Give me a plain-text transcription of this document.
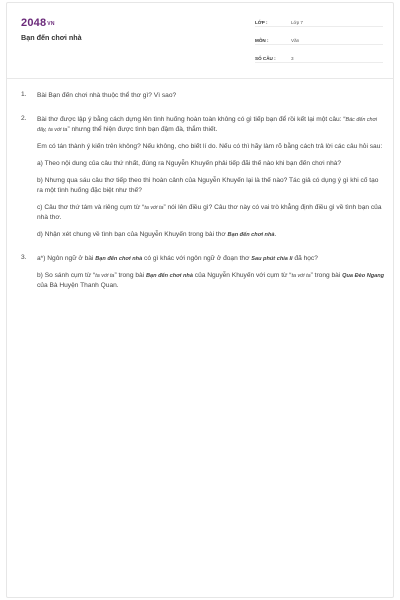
2048VN
Bạn đến chơi nhà
LỚP :	Lớp 7
MÔN :	Văn
SỐ CÂU :	3
1.	Bài Bạn đến chơi nhà thuộc thể thơ gì? Vì sao?

2.	Bài thơ được lập ý bằng cách dựng lên tình huống hoàn toàn không có gì tiếp bạn để rồi kết lại một câu: “Bác đến chơi đây, ta với ta” nhưng thể hiện được tình bạn đậm đà, thắm thiết.

Em có tán thành ý kiến trên không? Nếu không, cho biết lí do. Nếu có thì hãy làm rõ bằng cách trả lời các câu hỏi sau:

a) Theo nội dung của câu thứ nhất, đúng ra Nguyễn Khuyến phải tiếp đãi thế nào khi bạn đến chơi nhà?

b) Nhưng qua sáu câu thơ tiếp theo thì hoàn cảnh của Nguyễn Khuyến lại là thế nào? Tác giả có dụng ý gì khi cố tạo ra một tình huống đặc biệt như thế?

c) Câu thơ thứ tám và riêng cụm từ “ta với ta” nói lên điều gì? Câu thơ này có vai trò khẳng định điều gì về tình bạn của nhà thơ.

d) Nhận xét chung về tình bạn của Nguyễn Khuyến trong bài thơ Bạn đến chơi nhà.

3.	a*) Ngôn ngữ ở bài Bạn đến chơi nhà có gì khác với ngôn ngữ ở đoạn thơ Sau phút chia li đã học?

b) So sánh cụm từ “ta với ta” trong bài Bạn đến chơi nhà của Nguyễn Khuyến với cụm từ “ta với ta” trong bài Qua Đèo Ngang của Bà Huyện Thanh Quan.
